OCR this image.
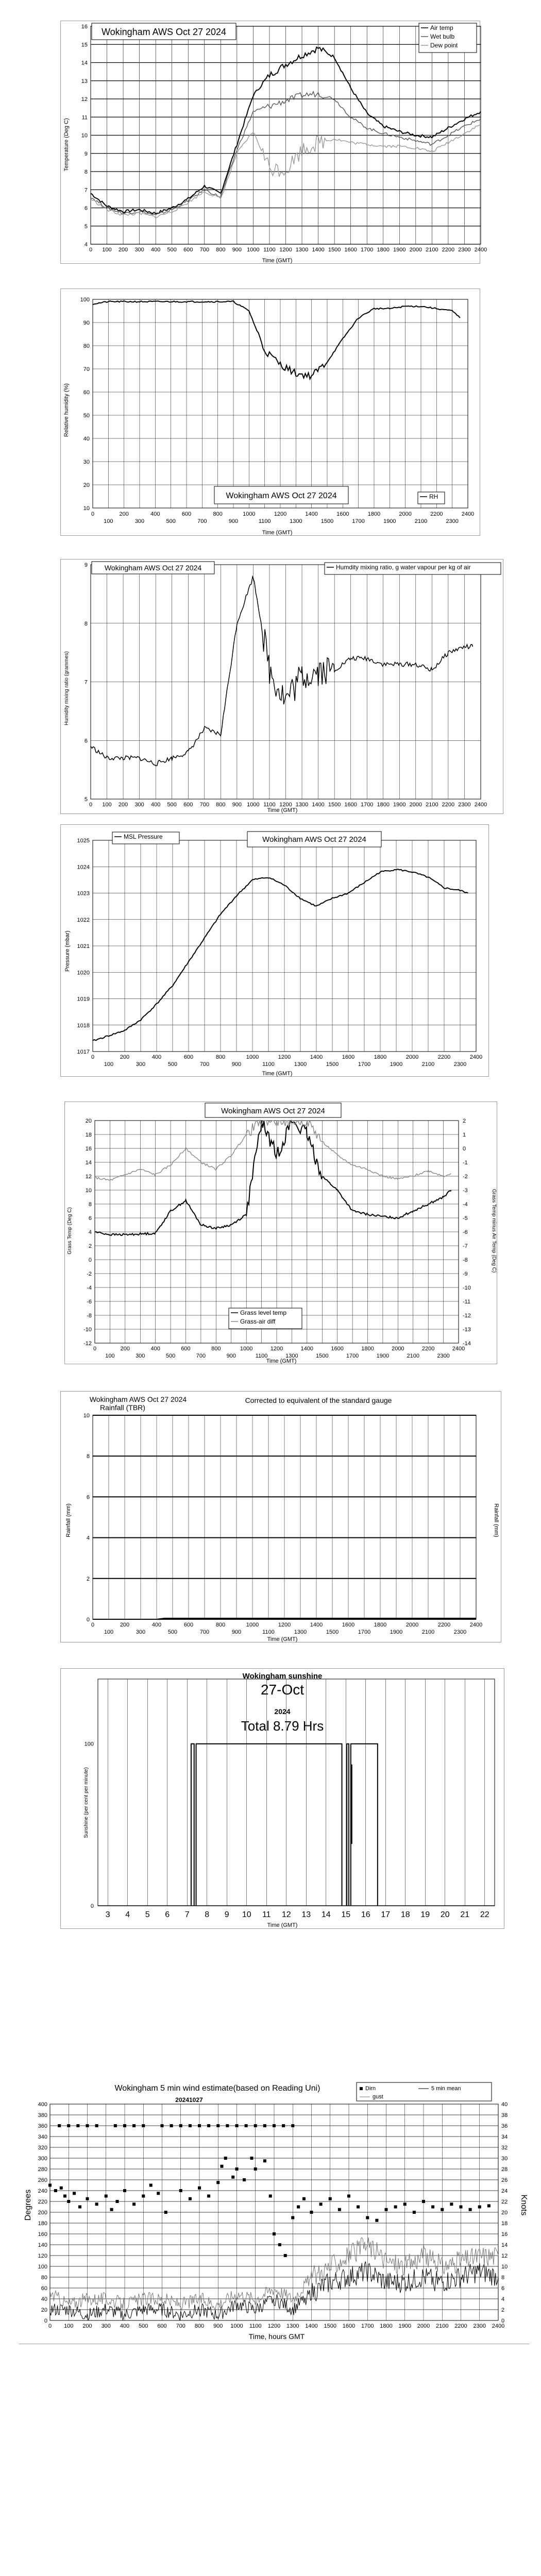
0 100 200 300 400 500 600 700 800 900 1000 1100 1200 1300 1400 1500 1600 1700 1800 1900 2000 2100 2200 2300 2400
4
5
6
7
8
9
10
11
12
13
14
15
16 Wokingham AWS Oct 27 2024	Air temp
Wet bulb
Dew point
Time (GMT)
Temperature (Deg C)
0	200	400	600	800	1000	1200	1400	1600	1800	2000	2200	2400
100	300	500	700	900	1100	1300	1500	1700	1900	2100	2300
10
20
30
40
50
60
70
80
90
100
Wokingham AWS Oct 27 2024	RH
Time (GMT)
Relative humidity (%)
0 100 200 300 400 500 600 700 800 900 1000 1100 1200 1300 1400 1500 1600 1700 1800 1900 2000 2100 2200 2300 2400
5
6
7
8
9 Wokingham AWS Oct 27 2024	Humdity mixing ratio, g water vapour per kg of air
Time (GMT)
Humidity mixing ratio (grammes)
0	200	400	600	800	1000	1200	1400	1600	1800	2000	2200	2400
100	300	500	700	900	1100	1300	1500	1700	1900	2100	2300
1017
1018
1019
1020
1021
1022
1023
1024
1025
MSL Pressure	Wokingham AWS Oct 27 2024
Time (GMT)
Pressure (mbar)
0	200	400	600	800	1000	1200	1400	1600	1800	2000	2200	2400
100	300	500	700	900	1100	1300	1500	1700	1900	2100	2300
20
18
16
14
12
10
8
6
4
2
0
-2
-4
-6
-8
-10
-12
2
1
0
-1
-2
-3
-4
-5
-6
-7
-8
-9
-10
-11
-12
-13
-14
Wokingham AWS Oct 27 2024
Grass level temp
Grass-air diff
Time (GMT)
Grass Temp (Deg C)	Grass Temp minus Air Temp (Deg C)
0	200	400	600	800	1000	1200	1400	1600	1800	2000	2200	2400
100	300	500	700	900	1100	1300	1500	1700	1900	2100	2300
0
2
4
6
8
10
Wokingham AWS Oct 27 2024
Rainfall (TBR)
Corrected to equivalent of the standard gauge
Time (GMT)
Rainfall (mm)	Rainfall (mm)
3 4 5 6 7 8 9 10 11 12 13 14 15 16 17 18 19 20 21 22
0
100
Wokingham sunshine
27-Oct
2024
Total 8.79 Hrs
Time (GMT)
Sunshine (per cent per minute)
0 100 200 300 400 500 600 700 800 900 1000 1100 1200 1300 1400 1500 1600 1700 1800 1900 2000 2100 2200 2300 2400
0
20
40
60
80
100
120
140
160
180
200
220
240
260
280
300
320
340
360
380
400
0
2
4
6
8
10
12
14
16
18
20
22
24
26
28
30
32
34
36
38
40
Wokingham 5 min wind estimate(based on Reading Uni)
20241027
Dirn	5 min mean
gust
Time, hours GMT
Degrees	Knots
